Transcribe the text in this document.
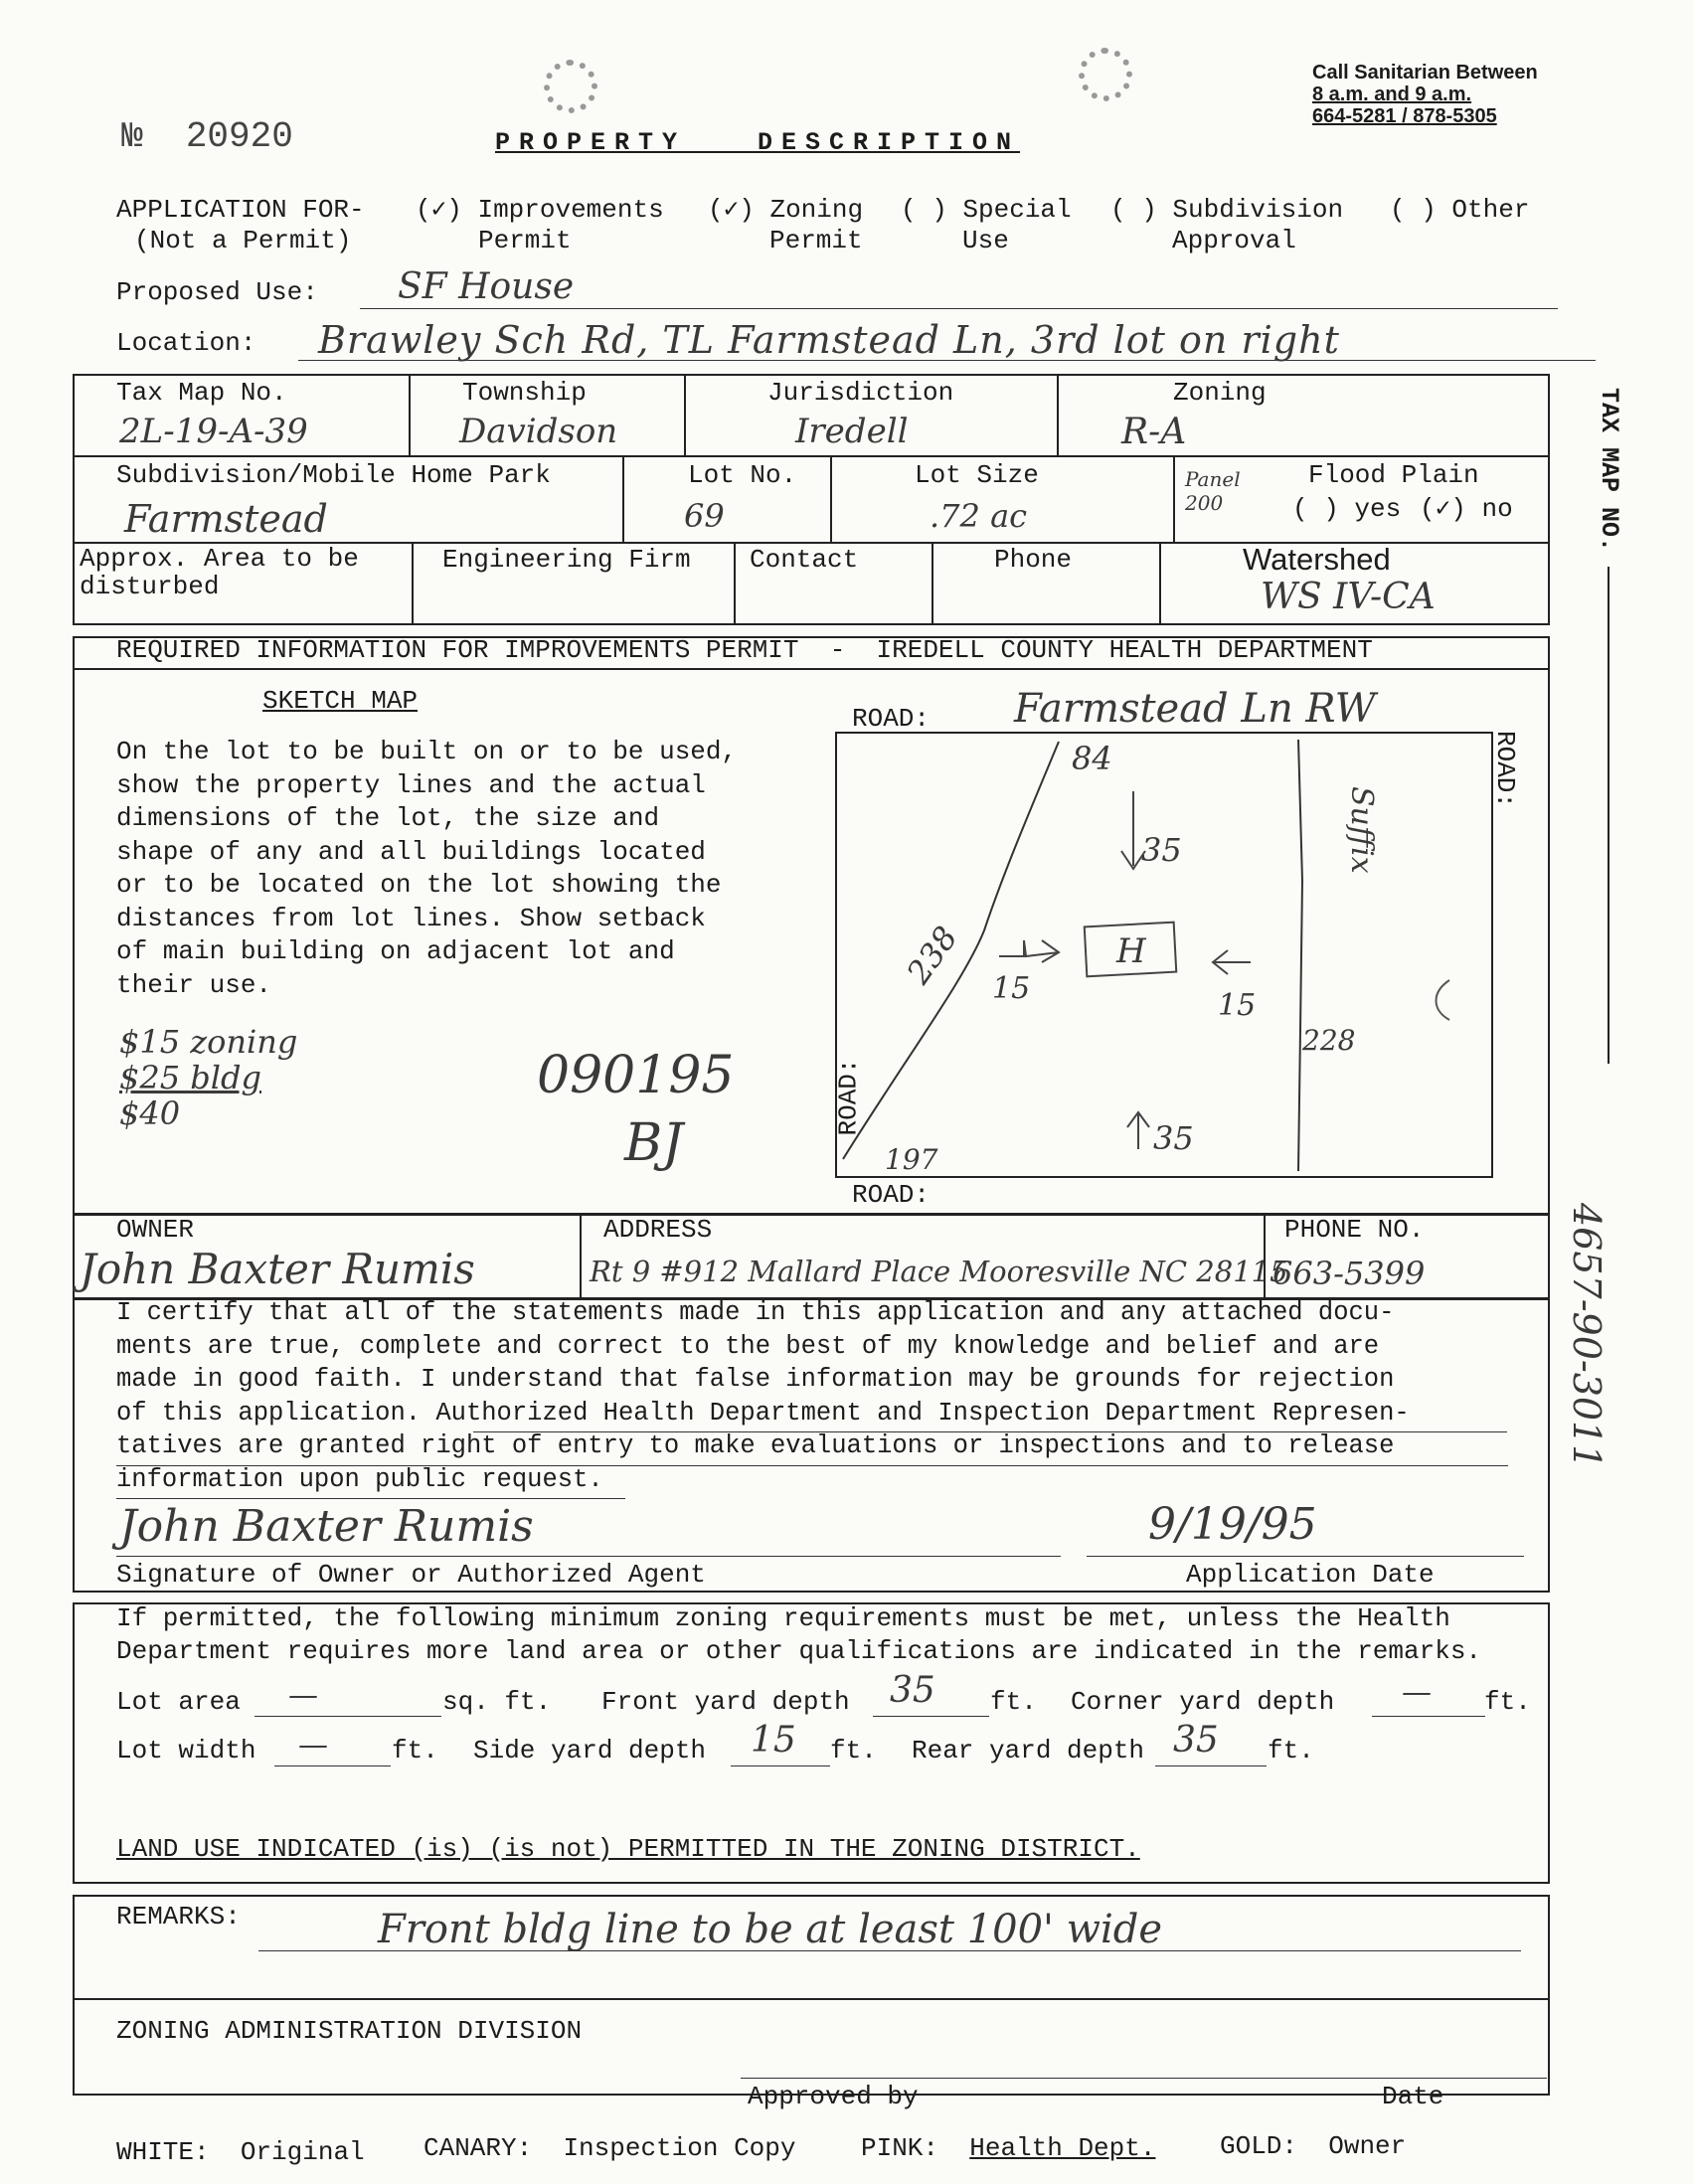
№ 20920	PROPERTY   DESCRIPTION
Call Sanitarian Between
8 a.m. and 9 a.m.
664-5281 / 878-5305
APPLICATION FOR-
(Not a Permit)
(✓) Improvements
Permit
(✓) Zoning
Permit
( ) Special
Use
( ) Subdivision
Approval
( ) Other
Proposed Use: SF House
Location: Brawley Sch Rd, TL Farmstead Ln, 3rd lot on right
Tax Map No.
2L-19-A-39
Township
Davidson
Jurisdiction
Iredell
Zoning
R-A
Subdivision/Mobile Home Park
Farmstead
Lot No.
69
Lot Size
.72 ac
Panel 200
Flood Plain
( ) yes (✓) no
Approx. Area to be
disturbed
Engineering Firm Contact	Phone	Watershed
WS IV-CA
TAX MAP NO.
4657-90-3011
REQUIRED INFORMATION FOR IMPROVEMENTS PERMIT  -  IREDELL COUNTY HEALTH DEPARTMENT
SKETCH MAP
On the lot to be built on or to be used,
show the property lines and the actual
dimensions of the lot, the size and
shape of any and all buildings located
or to be located on the lot showing the
distances from lot lines. Show setback
of main building on adjacent lot and
their use.
$15 zoning
$25 bldg
$40
090195
BJ
ROAD: Farmstead Ln RW
ROAD:
ROAD:
ROAD:
84
35
238	H
15	15
228
197
35
Suffix
OWNER
John Baxter Rumis
ADDRESS
Rt 9 #912 Mallard Place Mooresville NC 28115
PHONE NO.
663-5399
I certify that all of the statements made in this application and any attached docu-
ments are true, complete and correct to the best of my knowledge and belief and are
made in good faith. I understand that false information may be grounds for rejection
of this application. Authorized Health Department and Inspection Department Represen-
tatives are granted right of entry to make evaluations or inspections and to release
information upon public request.
John Baxter Rumis	9/19/95
Signature of Owner or Authorized Agent	Application Date
If permitted, the following minimum zoning requirements must be met, unless the Health
Department requires more land area or other qualifications are indicated in the remarks.
Lot area —	sq. ft. Front yard depth 35 ft. Corner yard depth — ft.
Lot width — ft. Side yard depth 15 ft. Rear yard depth 35 ft.
LAND USE INDICATED (is) (is not) PERMITTED IN THE ZONING DISTRICT.
REMARKS:	Front bldg line to be at least 100' wide
ZONING ADMINISTRATION DIVISION
Approved by	Date
WHITE: Original CANARY: Inspection Copy	PINK: Health Dept. GOLD: Owner
